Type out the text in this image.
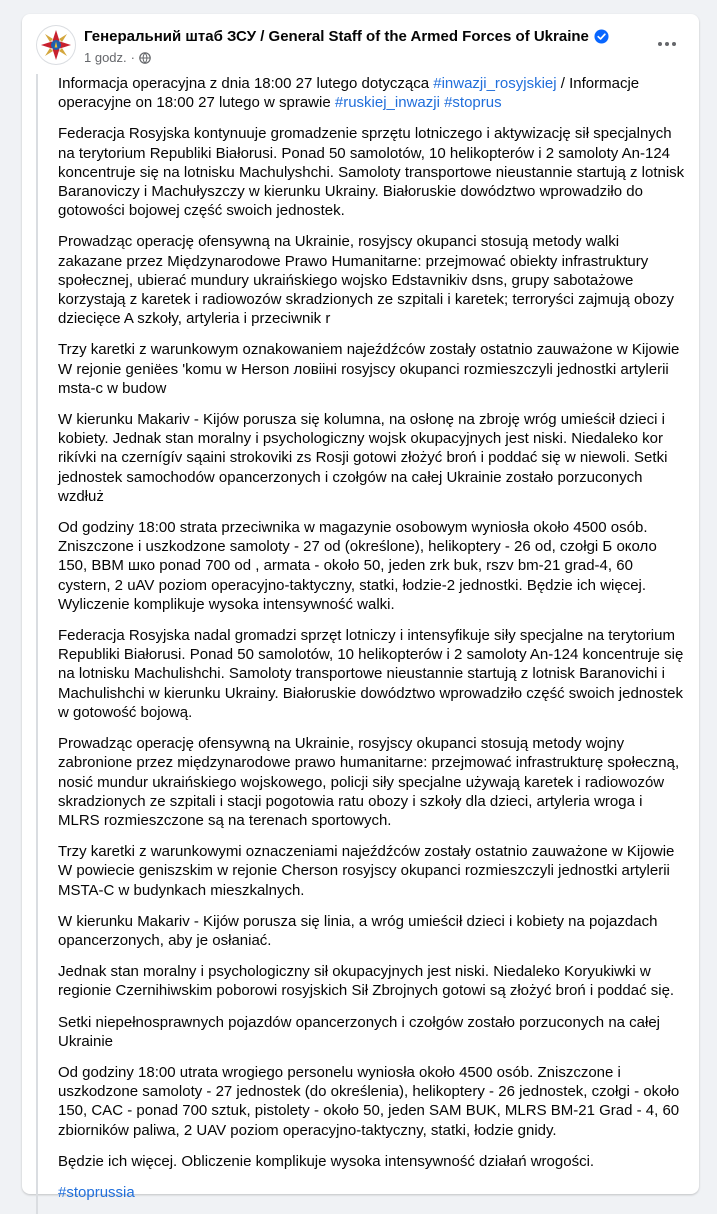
Генеральний штаб ЗСУ / General Staff of the Armed Forces of Ukraine
1 godz. ·

Informacja operacyjna z dnia 18:00 27 lutego dotycząca #inwazji_rosyjskiej / Informacje operacyjne on 18:00 27 lutego w sprawie #ruskiej_inwazji #stoprus

Federacja Rosyjska kontynuuje gromadzenie sprzętu lotniczego i aktywizację sił specjalnych na terytorium Republiki Białorusi. Ponad 50 samolotów, 10 helikopterów i 2 samoloty An-124 koncentruje się na lotnisku Machulyshchi. Samoloty transportowe nieustannie startują z lotnisk Baranoviczy i Machułyszczy w kierunku Ukrainy. Białoruskie dowództwo wprowadziło do gotowości bojowej część swoich jednostek.

Prowadząc operację ofensywną na Ukrainie, rosyjscy okupanci stosują metody walki zakazane przez Międzynarodowe Prawo Humanitarne: przejmować obiekty infrastruktury społecznej, ubierać mundury ukraińskiego wojsko Edstavnikiv dsns, grupy sabotażowe korzystają z karetek i radiowozów skradzionych ze szpitali i karetek; terroryści zajmują obozy dziecięce A szkoły, artyleria i przeciwnik r

Trzy karetki z warunkowym oznakowaniem najeźdźców zostały ostatnio zauważone w Kijowie W rejonie geniёes 'komu w Herson ловiiні rosyjscy okupanci rozmieszczyli jednostki artylerii msta-c w budow

W kierunku Makariv - Kijów porusza się kolumna, na osłonę na zbroję wróg umieścił dzieci i kobiety. Jednak stan moralny i psychologiczny wojsk okupacyjnych jest niski. Niedaleko kor rikívki na czernígív sąaini strokoviki zs Rosji gotowi złożyć broń i poddać się w niewoli. Setki jednostek samochodów opancerzonych i czołgów na całej Ukrainie zostało porzuconych wzdłuż

Od godziny 18:00 strata przeciwnika w magazynie osobowym wyniosła około 4500 osób. Zniszczone i uszkodzone samoloty - 27 od (określone), helikoptery - 26 od, czołgi Б около 150, BBM шко ponad 700 od , armata - około 50, jeden zrk buk, rszv bm-21 grad-4, 60 cystern, 2 uAV poziom operacyjno-taktyczny, statki, łodzie-2 jednostki. Będzie ich więcej. Wyliczenie komplikuje wysoka intensywność walki.

Federacja Rosyjska nadal gromadzi sprzęt lotniczy i intensyfikuje siły specjalne na terytorium Republiki Białorusi. Ponad 50 samolotów, 10 helikopterów i 2 samoloty An-124 koncentruje się na lotnisku Machulishchi. Samoloty transportowe nieustannie startują z lotnisk Baranovichi i Machulishchi w kierunku Ukrainy. Białoruskie dowództwo wprowadziło część swoich jednostek w gotowość bojową.

Prowadząc operację ofensywną na Ukrainie, rosyjscy okupanci stosują metody wojny zabronione przez międzynarodowe prawo humanitarne: przejmować infrastrukturę społeczną, nosić mundur ukraińskiego wojskowego, policji siły specjalne używają karetek i radiowozów skradzionych ze szpitali i stacji pogotowia ratu obozy i szkoły dla dzieci, artyleria wroga i MLRS rozmieszczone są na terenach sportowych.

Trzy karetki z warunkowymi oznaczeniami najeźdźców zostały ostatnio zauważone w Kijowie W powiecie geniszskim w rejonie Cherson rosyjscy okupanci rozmieszczyli jednostki artylerii MSTA-C w budynkach mieszkalnych.

W kierunku Makariv - Kijów porusza się linia, a wróg umieścił dzieci i kobiety na pojazdach opancerzonych, aby je osłaniać.

Jednak stan moralny i psychologiczny sił okupacyjnych jest niski. Niedaleko Koryukiwki w regionie Czernihiwskim poborowi rosyjskich Sił Zbrojnych gotowi są złożyć broń i poddać się.

Setki niepełnosprawnych pojazdów opancerzonych i czołgów zostało porzuconych na całej Ukrainie

Od godziny 18:00 utrata wrogiego personelu wyniosła około 4500 osób. Zniszczone i uszkodzone samoloty - 27 jednostek (do określenia), helikoptery - 26 jednostek, czołgi - około 150, CAC - ponad 700 sztuk, pistolety - około 50, jeden SAM BUK, MLRS BM-21 Grad - 4, 60 zbiorników paliwa, 2 UAV poziom operacyjno-taktyczny, statki, łodzie gnidy.

Będzie ich więcej. Obliczenie komplikuje wysoka intensywność działań wrogości.

#stoprussia
